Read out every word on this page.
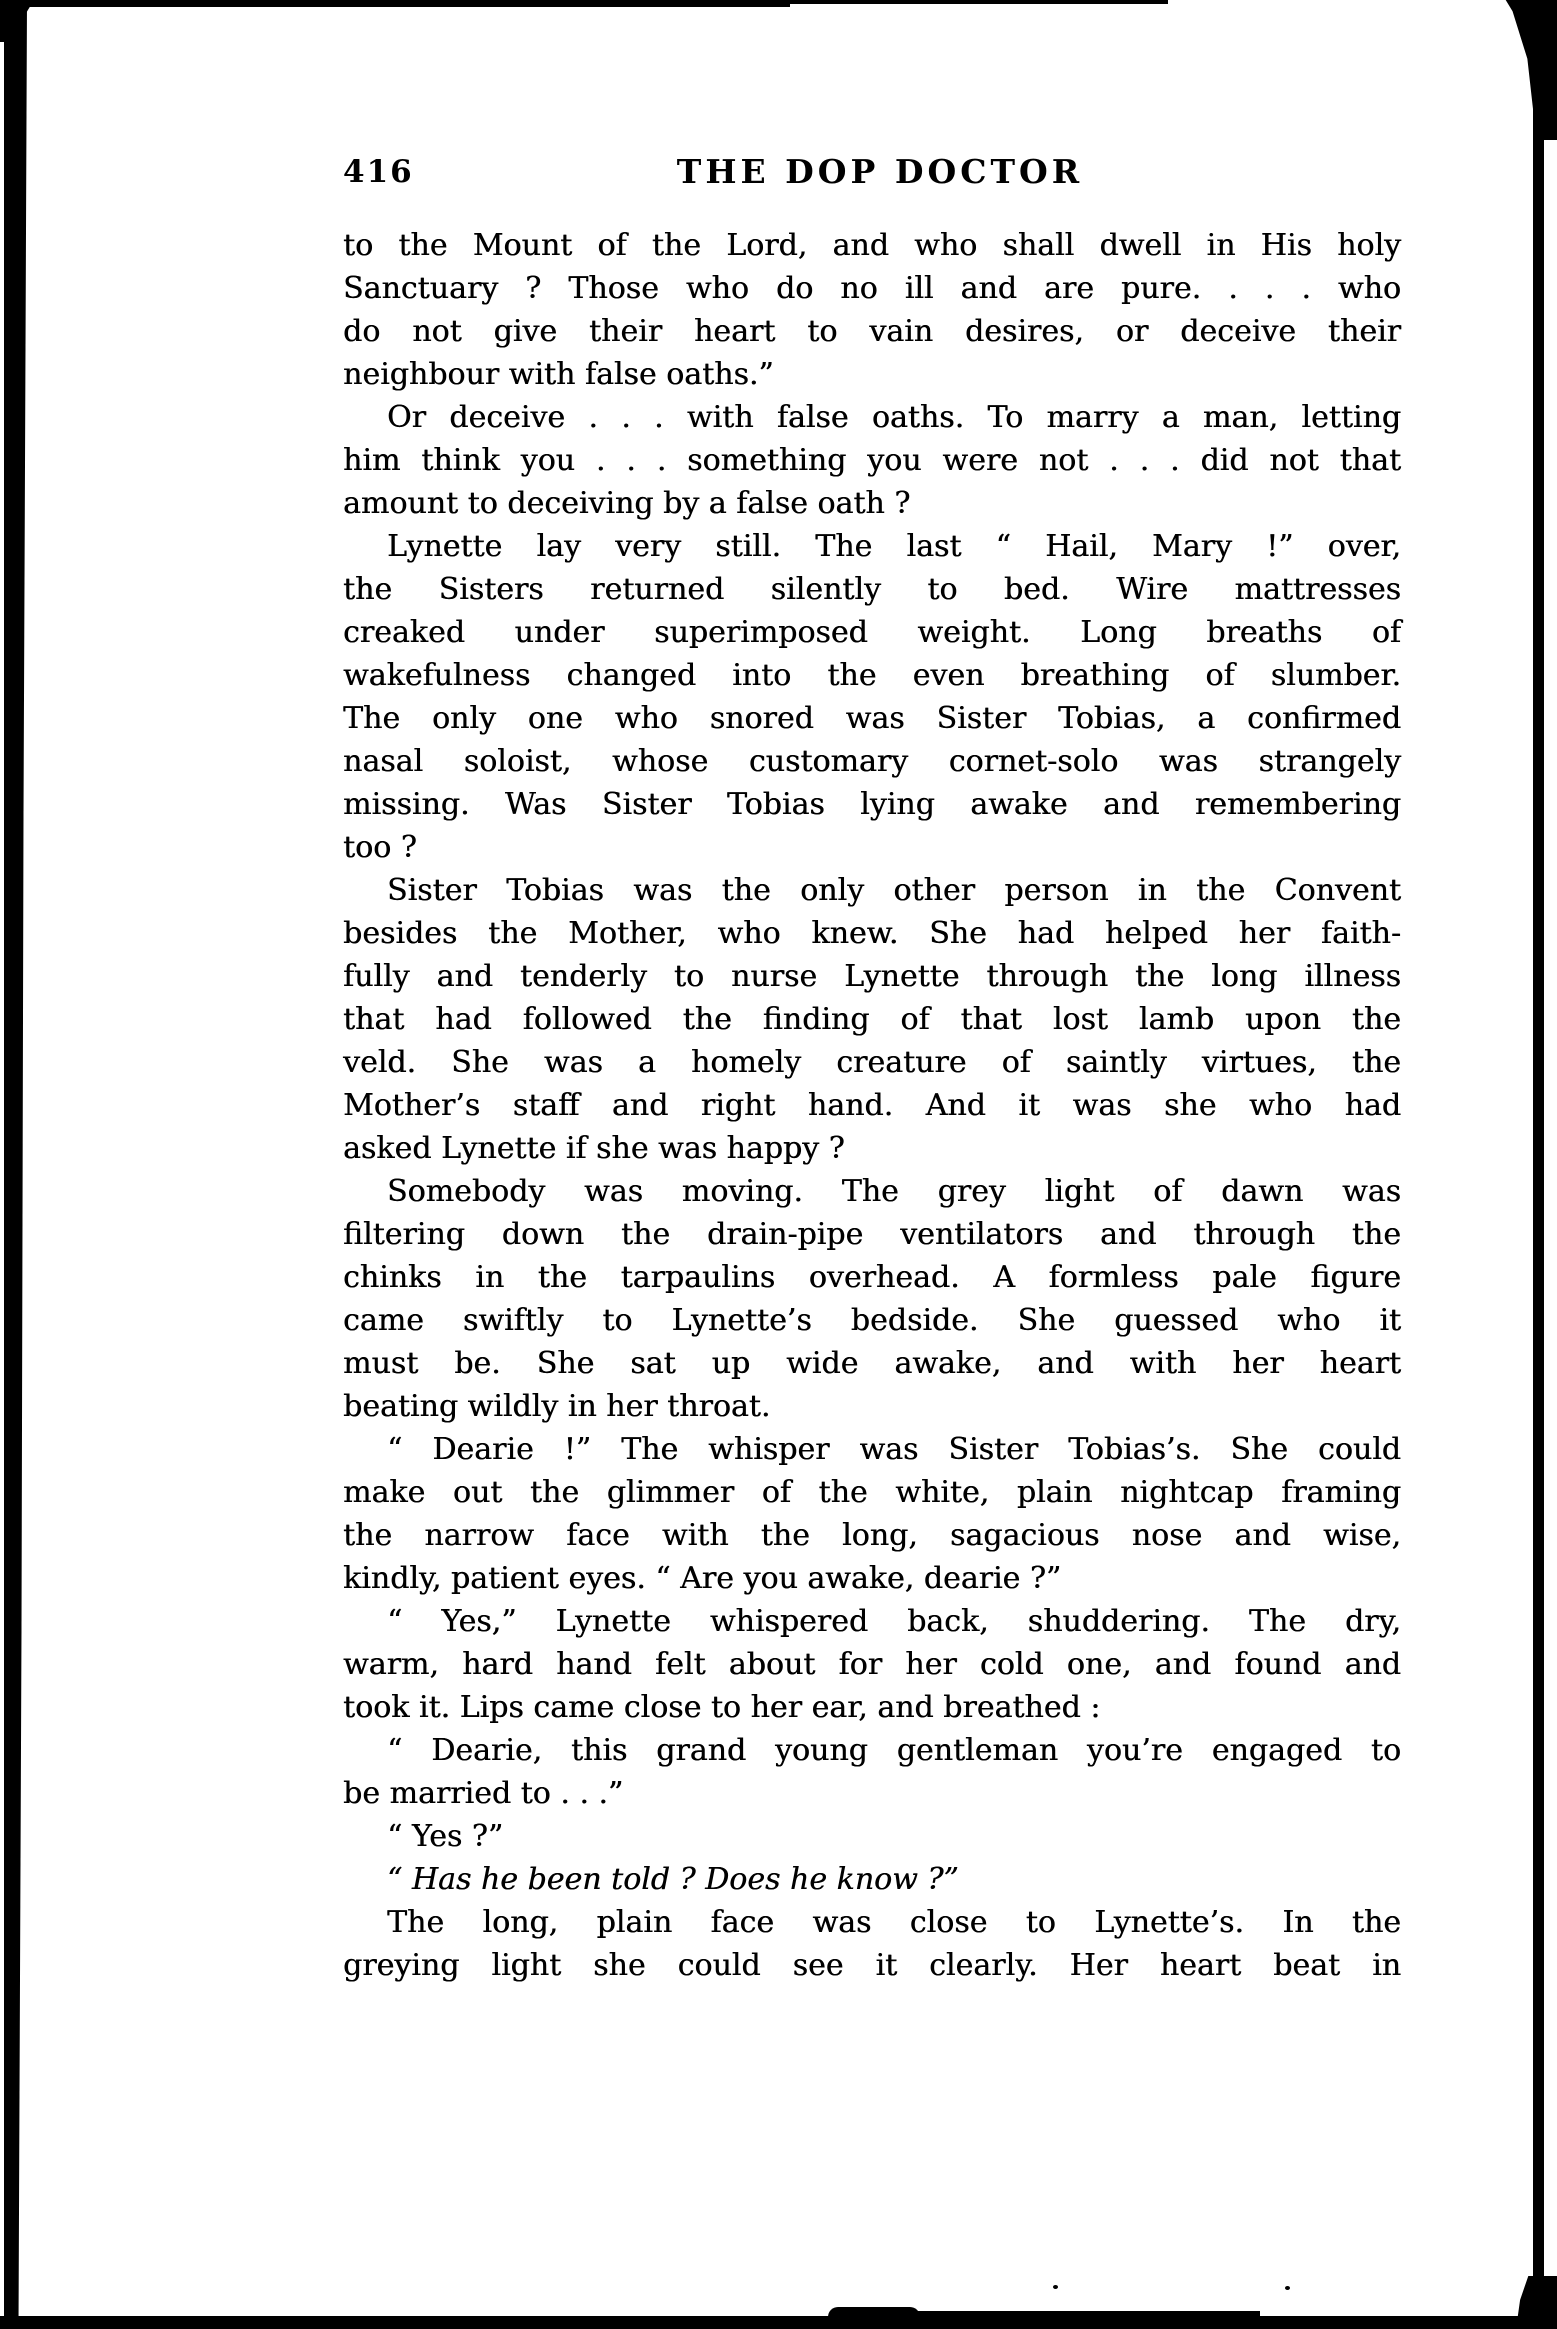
416	THE DOP DOCTOR
to the Mount of the Lord, and who shall dwell in His holy
Sanctuary ? Those who do no ill and are pure. . . . who
do not give their heart to vain desires, or deceive their
neighbour with false oaths.”
Or deceive . . . with false oaths. To marry a man, letting
him think you . . . something you were not . . . did not that
amount to deceiving by a false oath ?
Lynette lay very still. The last “ Hail, Mary !” over,
the Sisters returned silently to bed. Wire mattresses
creaked under superimposed weight. Long breaths of
wakefulness changed into the even breathing of slumber.
The only one who snored was Sister Tobias, a confirmed
nasal soloist, whose customary cornet-solo was strangely
missing. Was Sister Tobias lying awake and remembering
too ?
Sister Tobias was the only other person in the Convent
besides the Mother, who knew. She had helped her faith-
fully and tenderly to nurse Lynette through the long illness
that had followed the finding of that lost lamb upon the
veld. She was a homely creature of saintly virtues, the
Mother’s staff and right hand. And it was she who had
asked Lynette if she was happy ?
Somebody was moving. The grey light of dawn was
filtering down the drain-pipe ventilators and through the
chinks in the tarpaulins overhead. A formless pale figure
came swiftly to Lynette’s bedside. She guessed who it
must be. She sat up wide awake, and with her heart
beating wildly in her throat.
“ Dearie !” The whisper was Sister Tobias’s. She could
make out the glimmer of the white, plain nightcap framing
the narrow face with the long, sagacious nose and wise,
kindly, patient eyes. “ Are you awake, dearie ?”
“ Yes,” Lynette whispered back, shuddering. The dry,
warm, hard hand felt about for her cold one, and found and
took it. Lips came close to her ear, and breathed :
“ Dearie, this grand young gentleman you’re engaged to
be married to . . .”
“ Yes ?”
“ Has he been told ? Does he know ?”
The long, plain face was close to Lynette’s. In the
greying light she could see it clearly. Her heart beat in
